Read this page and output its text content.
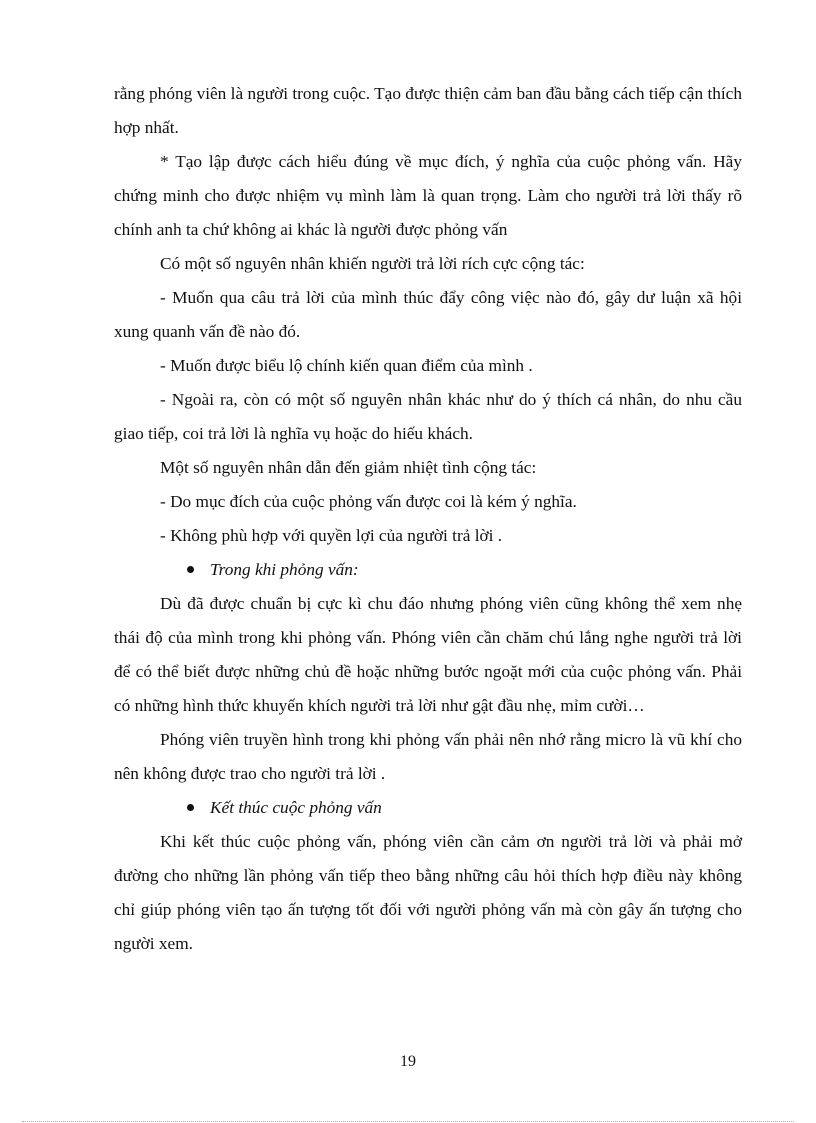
rằng phóng viên là người trong cuộc. Tạo được thiện cảm ban đầu bằng cách tiếp cận thích hợp nhất.

* Tạo lập được cách hiểu đúng về mục đích, ý nghĩa của cuộc phỏng vấn. Hãy chứng minh cho được nhiệm vụ mình làm là quan trọng. Làm cho người trả lời thấy rõ chính anh ta chứ không ai khác là người được phỏng vấn

Có một số nguyên nhân khiến người trả lời rích cực cộng tác:

- Muốn qua câu trả lời của mình thúc đẩy công việc nào đó, gây dư luận xã hội xung quanh vấn đề nào đó.

- Muốn được biểu lộ chính kiến quan điểm của mình .

- Ngoài ra, còn có một số nguyên nhân khác như do ý thích cá nhân, do nhu cầu giao tiếp, coi trả lời là nghĩa vụ hoặc do hiếu khách.

Một số nguyên nhân dẫn đến giảm nhiệt tình cộng tác:

- Do mục đích của cuộc phỏng vấn được coi là kém ý nghĩa.

- Không phù hợp với quyền lợi của người trả lời .

Trong khi phỏng vấn:

Dù đã được chuẩn bị cực kì chu đáo nhưng phóng viên cũng không thể xem nhẹ thái độ của mình trong khi phỏng vấn. Phóng viên cần chăm chú lắng nghe người trả lời để có thể biết được những chủ đề hoặc những bước ngoặt mới của cuộc phỏng vấn. Phải có những hình thức khuyến khích người trả lời như gật đầu nhẹ, mỉm cười…

Phóng viên truyền hình trong khi phỏng vấn phải nên nhớ rằng micro là vũ khí cho nên không được trao cho người trả lời .

Kết thúc cuộc phỏng vấn

Khi kết thúc cuộc phỏng vấn, phóng viên cần cảm ơn người trả lời và phải mở đường cho những lần phỏng vấn tiếp theo bằng những câu hỏi thích hợp điều này không chỉ giúp phóng viên tạo ấn tượng tốt đối với người phỏng vấn mà còn gây ấn tượng cho người xem.

19
